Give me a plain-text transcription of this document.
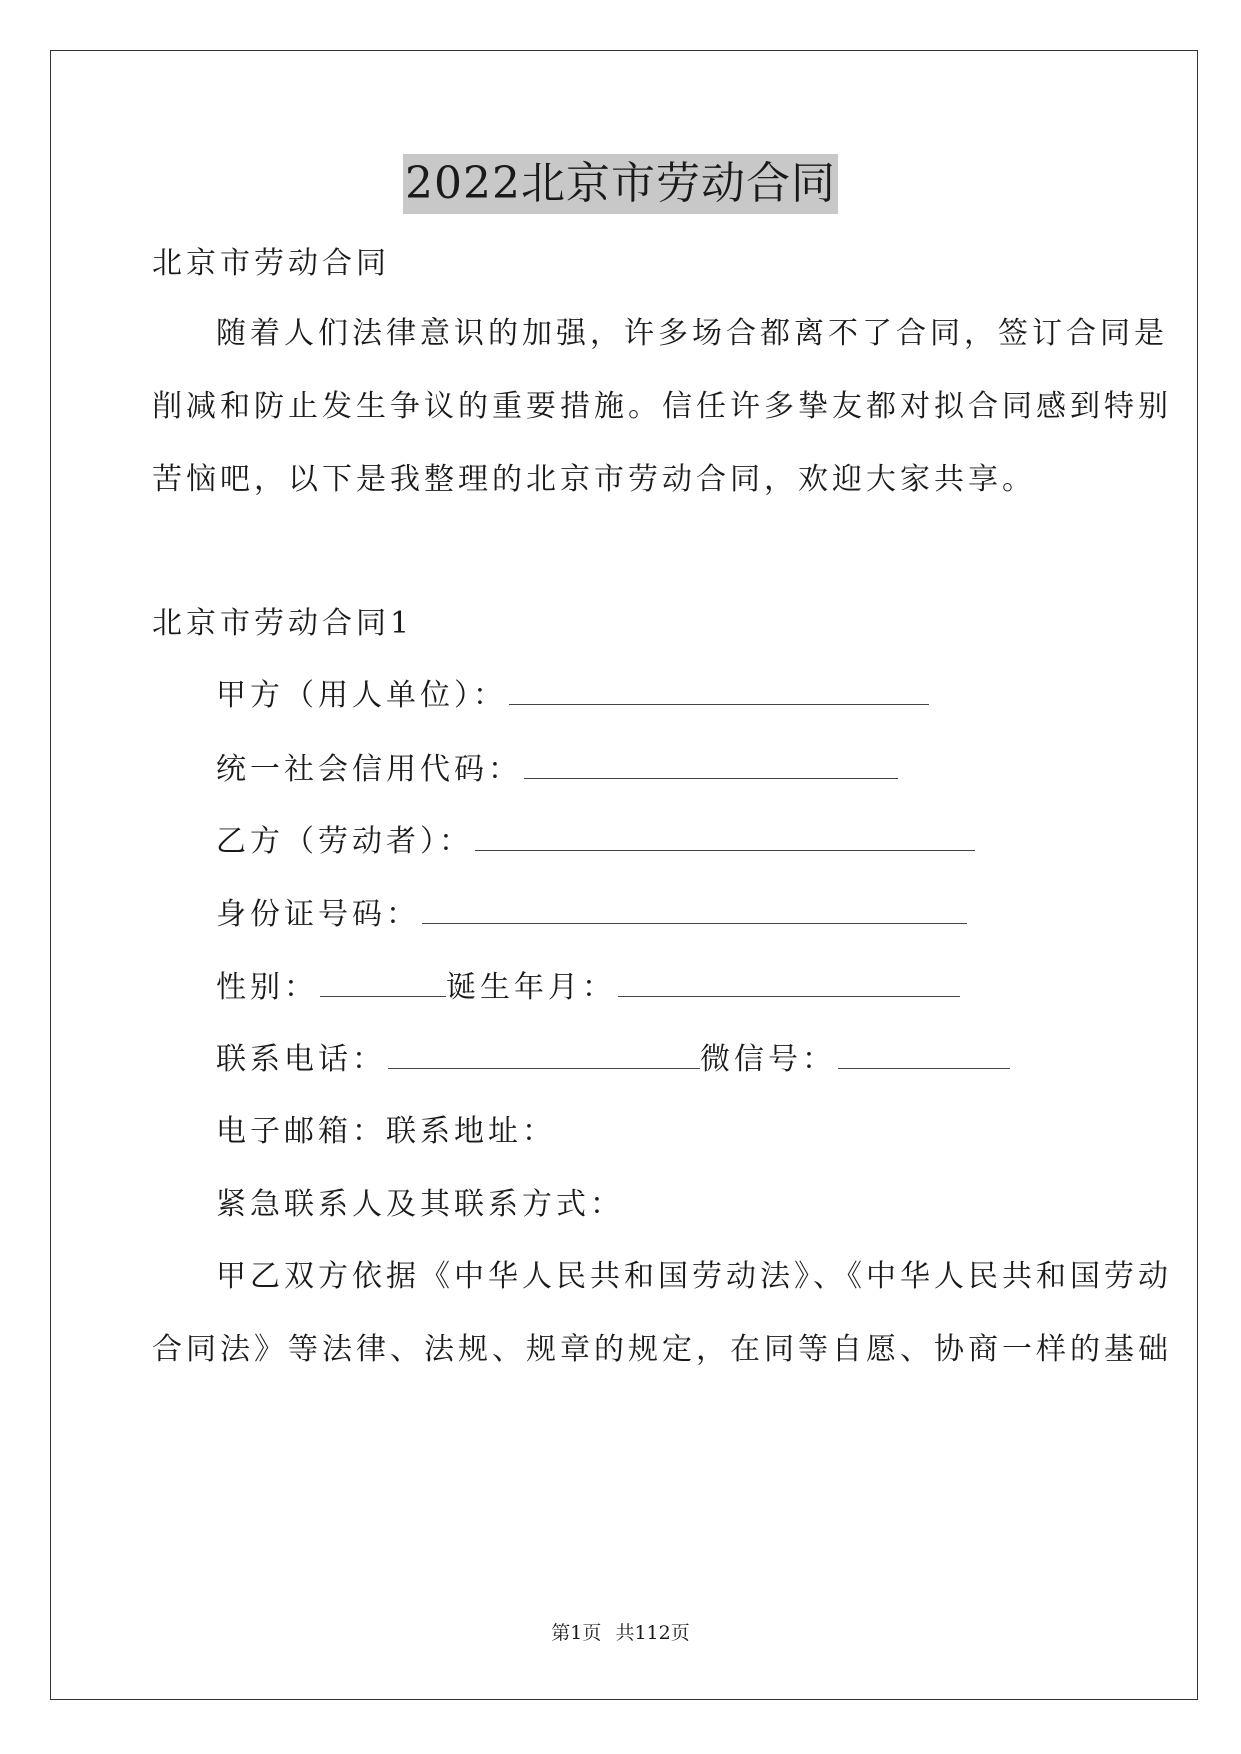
2022北京市劳动合同
北京市劳动合同
随着人们法律意识的加强，许多场合都离不了合同，签订合同是
削减和防止发生争议的重要措施。信任许多挚友都对拟合同感到特别
苦恼吧，以下是我整理的北京市劳动合同，欢迎大家共享。
北京市劳动合同1
甲方（用人单位）：
统一社会信用代码：
乙方（劳动者）：
身份证号码：
性别：	诞生年月：
联系电话：	微信号：
电子邮箱：联系地址：
紧急联系人及其联系方式：
甲乙双方依据《中华人民共和国劳动法》、《中华人民共和国劳动
合同法》等法律、法规、规章的规定，在同等自愿、协商一样的基础
第1页 共112页
